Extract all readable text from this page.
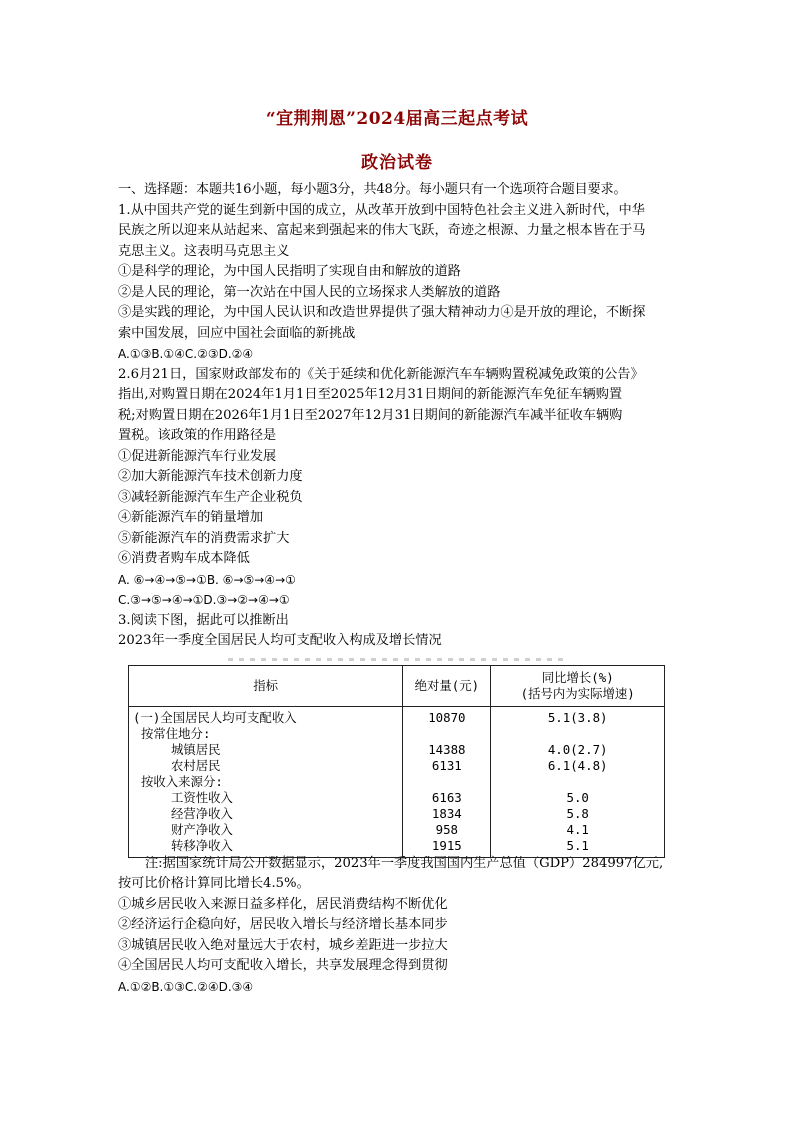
“宜荆荆恩”2024届高三起点考试
政治试卷

一、选择题：本题共16小题，每小题3分，共48分。每小题只有一个选项符合题目要求。

1.从中国共产党的诞生到新中国的成立，从改革开放到中国特色社会主义进入新时代，中华

民族之所以迎来从站起来、富起来到强起来的伟大飞跃，奇迹之根源、力量之根本皆在于马

克思主义。这表明马克思主义

①是科学的理论，为中国人民指明了实现自由和解放的道路

②是人民的理论，第一次站在中国人民的立场探求人类解放的道路

③是实践的理论，为中国人民认识和改造世界提供了强大精神动力④是开放的理论，不断探

索中国发展，回应中国社会面临的新挑战

A.①③B.①④C.②③D.②④

2.6月21日，国家财政部发布的《关于延续和优化新能源汽车车辆购置税减免政策的公告》

指出,对购置日期在2024年1月1日至2025年12月31日期间的新能源汽车免征车辆购置

税;对购置日期在2026年1月1日至2027年12月31日期间的新能源汽车减半征收车辆购

置税。该政策的作用路径是

①促进新能源汽车行业发展

②加大新能源汽车技术创新力度

③减轻新能源汽车生产企业税负

④新能源汽车的销量增加

⑤新能源汽车的消费需求扩大

⑥消费者购车成本降低

A. ⑥→④→⑤→①B. ⑥→⑤→④→①

C.③→⑤→④→①D.③→②→④→①

3.阅读下图，据此可以推断出

2023年一季度全国居民人均可支配收入构成及增长情况

指标	绝对量(元)	同比增长(%)
(括号内为实际增速)

(一)全国居民人均可支配收入	10870	5.1(3.8)
按常住地分:		
城镇居民	14388	4.0(2.7)
农村居民	6131	6.1(4.8)
按收入来源分:		
工资性收入	6163	5.0
经营净收入	1834	5.8
财产净收入	958	4.1
转移净收入	1915	5.1

注:据国家统计局公开数据显示，2023年一季度我国国内生产总值（GDP）284997亿元,

按可比价格计算同比增长4.5%。

①城乡居民收入来源日益多样化，居民消费结构不断优化

②经济运行企稳向好，居民收入增长与经济增长基本同步

③城镇居民收入绝对量远大于农村，城乡差距进一步拉大

④全国居民人均可支配收入增长，共享发展理念得到贯彻

A.①②B.①③C.②④D.③④
